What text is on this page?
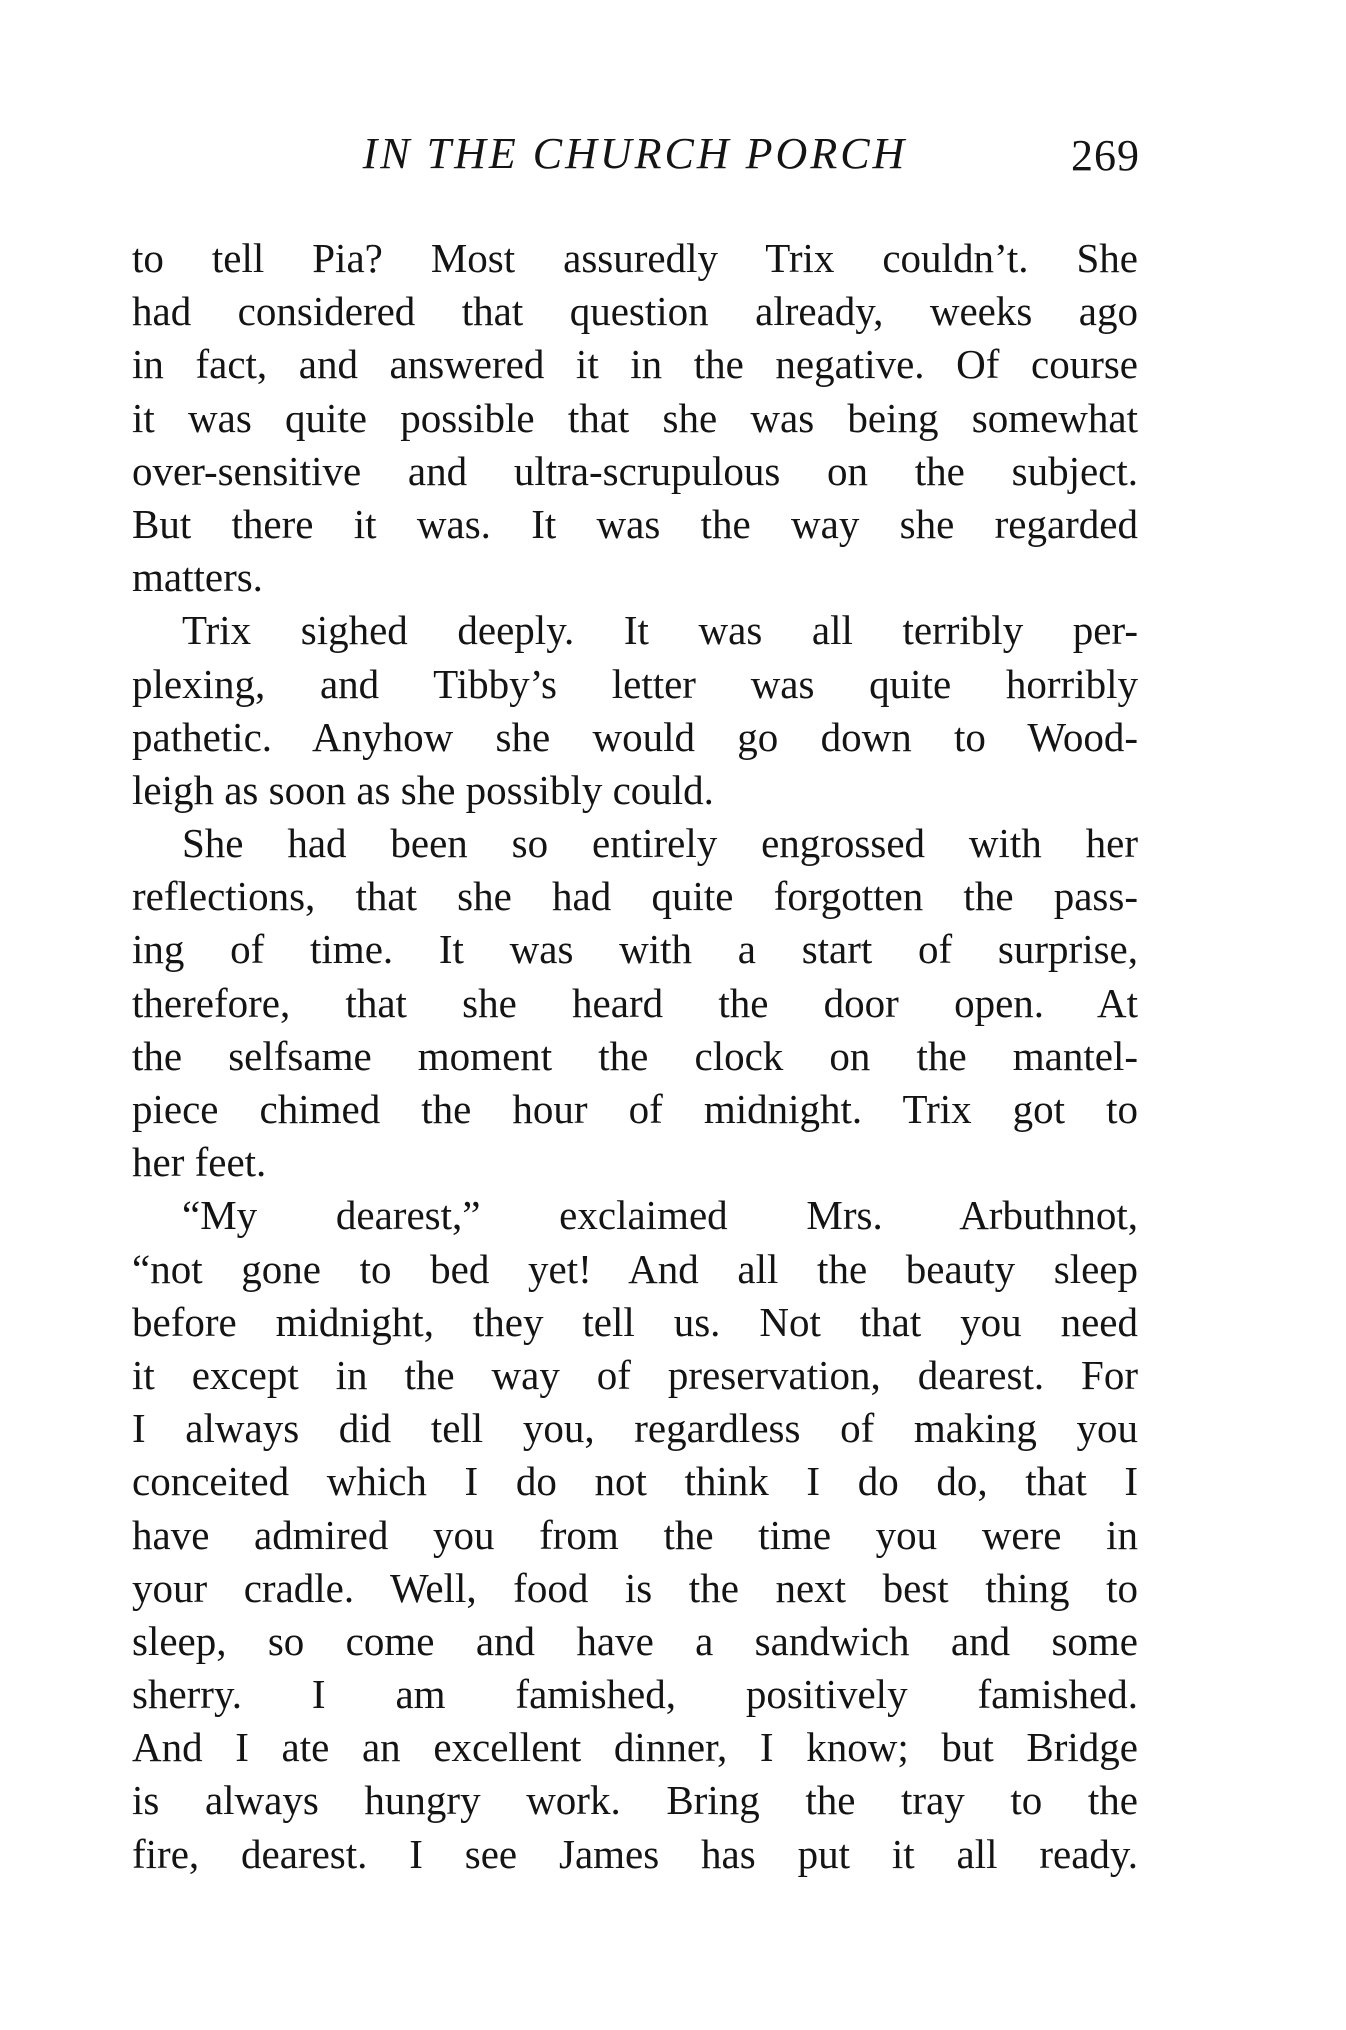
IN THE CHURCH PORCH	269
to tell Pia? Most assuredly Trix couldn’t. She
had considered that question already, weeks ago
in fact, and answered it in the negative. Of course
it was quite possible that she was being somewhat
over-sensitive and ultra-scrupulous on the subject.
But there it was. It was the way she regarded
matters.
Trix sighed deeply. It was all terribly per-
plexing, and Tibby’s letter was quite horribly
pathetic. Anyhow she would go down to Wood-
leigh as soon as she possibly could.
She had been so entirely engrossed with her
reflections, that she had quite forgotten the pass-
ing of time. It was with a start of surprise,
therefore, that she heard the door open. At
the selfsame moment the clock on the mantel-
piece chimed the hour of midnight. Trix got to
her feet.
“My dearest,” exclaimed Mrs. Arbuthnot,
“not gone to bed yet! And all the beauty sleep
before midnight, they tell us. Not that you need
it except in the way of preservation, dearest. For
I always did tell you, regardless of making you
conceited which I do not think I do do, that I
have admired you from the time you were in
your cradle. Well, food is the next best thing to
sleep, so come and have a sandwich and some
sherry. I am famished, positively famished.
And I ate an excellent dinner, I know; but Bridge
is always hungry work. Bring the tray to the
fire, dearest. I see James has put it all ready.
